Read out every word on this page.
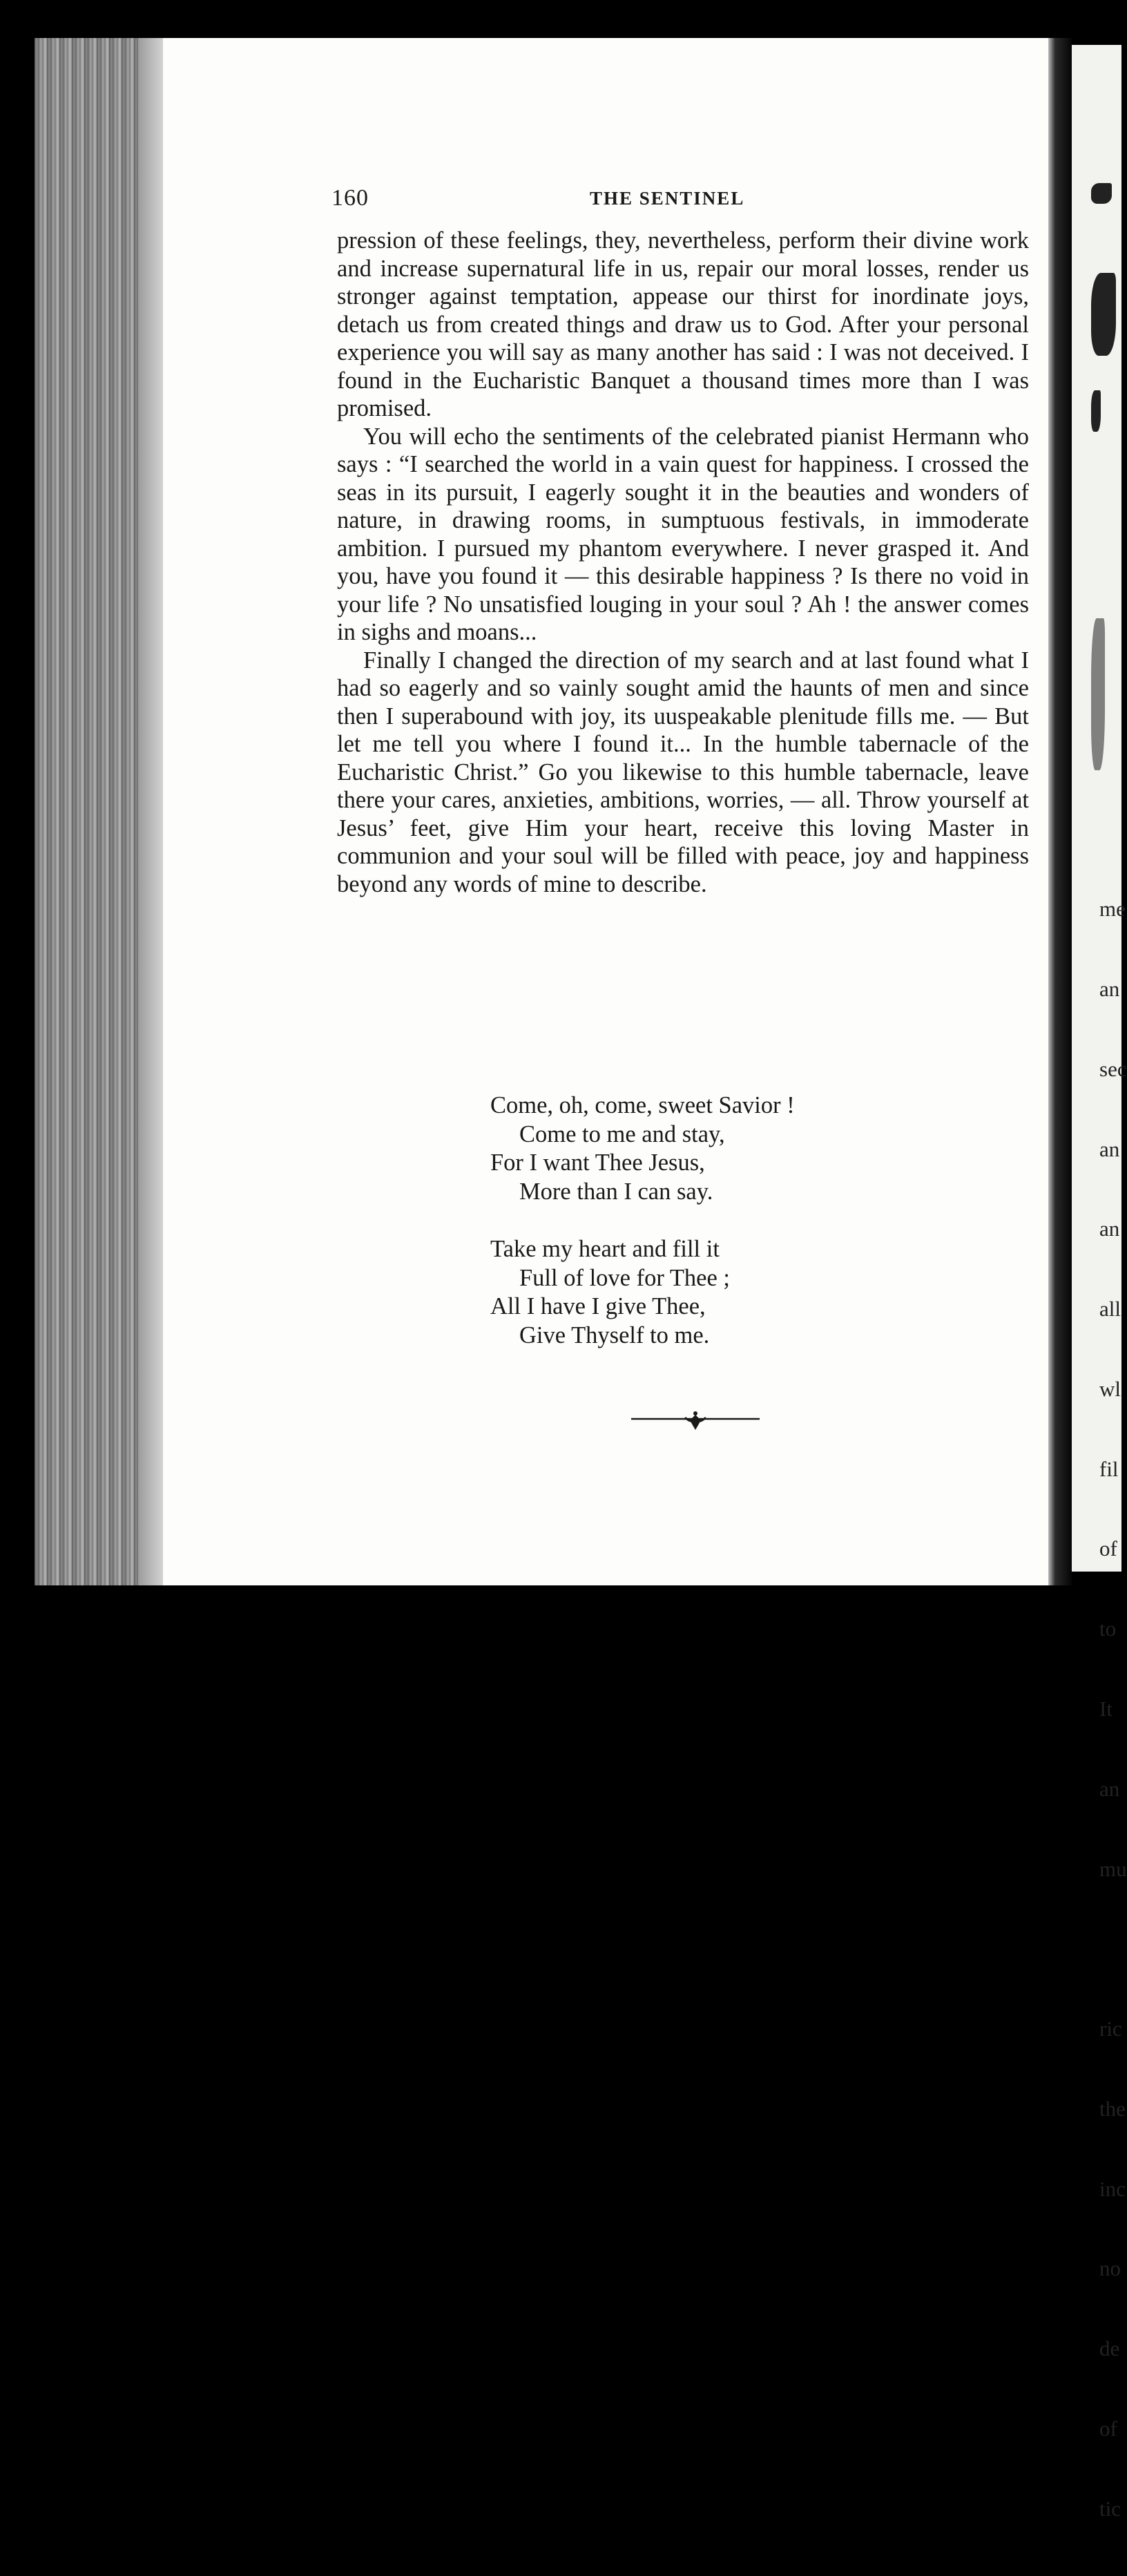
me

an

sec

an

an

all

wl

fil

of

to

It

an

mu

ric

the

inc

no

de

of

tic

160	THE SENTINEL

pression of these feelings, they, nevertheless, perform their divine work and increase supernatural life in us, repair our moral losses, render us stronger against temptation, appease our thirst for inordinate joys, detach us from created things and draw us to God. After your personal experience you will say as many another has said : I was not deceived. I found in the Eucharistic Banquet a thousand times more than I was promised.

You will echo the sentiments of the celebrated pianist Hermann who says : “I searched the world in a vain quest for happiness. I crossed the seas in its pursuit, I eagerly sought it in the beauties and wonders of nature, in drawing rooms, in sumptuous festivals, in immoderate ambition. I pursued my phantom everywhere. I never grasped it. And you, have you found it — this desirable happiness ? Is there no void in your life ? No unsatisfied louging in your soul ? Ah ! the answer comes in sighs and moans...

Finally I changed the direction of my search and at last found what I had so eagerly and so vainly sought amid the haunts of men and since then I superabound with joy, its uuspeakable plenitude fills me. — But let me tell you where I found it... In the humble tabernacle of the Eucharistic Christ.” Go you likewise to this humble tabernacle, leave there your cares, anxieties, ambitions, worries, — all. Throw yourself at Jesus’ feet, give Him your heart, receive this loving Master in communion and your soul will be filled with peace, joy and happiness beyond any words of mine to describe.

Come, oh, come, sweet Savior !
Come to me and stay,
For I want Thee Jesus,
More than I can say.
Take my heart and fill it
Full of love for Thee ;
All I have I give Thee,
Give Thyself to me.
